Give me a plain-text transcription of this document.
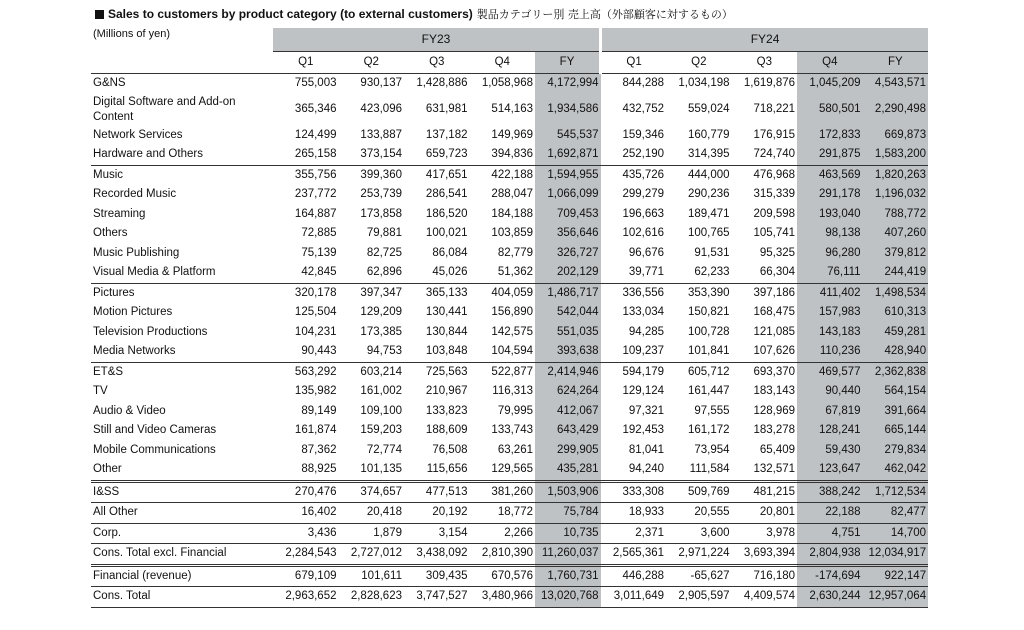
Sales to customers by product category (to external customers) 製品カテゴリー別 売上高（外部顧客に対するもの）
(Millions of yen)	FY23					FY24				
	Q1	Q2	Q3	Q4	FY	Q1	Q2	Q3	Q4	FY
G&NS	755,003	930,137	1,428,886	1,058,968	4,172,994	844,288	1,034,198	1,619,876	1,045,209	4,543,571
Digital Software and Add-on Content	365,346	423,096	631,981	514,163	1,934,586	432,752	559,024	718,221	580,501	2,290,498
Network Services	124,499	133,887	137,182	149,969	545,537	159,346	160,779	176,915	172,833	669,873
Hardware and Others	265,158	373,154	659,723	394,836	1,692,871	252,190	314,395	724,740	291,875	1,583,200
Music	355,756	399,360	417,651	422,188	1,594,955	435,726	444,000	476,968	463,569	1,820,263
Recorded Music	237,772	253,739	286,541	288,047	1,066,099	299,279	290,236	315,339	291,178	1,196,032
Streaming	164,887	173,858	186,520	184,188	709,453	196,663	189,471	209,598	193,040	788,772
Others	72,885	79,881	100,021	103,859	356,646	102,616	100,765	105,741	98,138	407,260
Music Publishing	75,139	82,725	86,084	82,779	326,727	96,676	91,531	95,325	96,280	379,812
Visual Media & Platform	42,845	62,896	45,026	51,362	202,129	39,771	62,233	66,304	76,111	244,419
Pictures	320,178	397,347	365,133	404,059	1,486,717	336,556	353,390	397,186	411,402	1,498,534
Motion Pictures	125,504	129,209	130,441	156,890	542,044	133,034	150,821	168,475	157,983	610,313
Television Productions	104,231	173,385	130,844	142,575	551,035	94,285	100,728	121,085	143,183	459,281
Media Networks	90,443	94,753	103,848	104,594	393,638	109,237	101,841	107,626	110,236	428,940
ET&S	563,292	603,214	725,563	522,877	2,414,946	594,179	605,712	693,370	469,577	2,362,838
TV	135,982	161,002	210,967	116,313	624,264	129,124	161,447	183,143	90,440	564,154
Audio & Video	89,149	109,100	133,823	79,995	412,067	97,321	97,555	128,969	67,819	391,664
Still and Video Cameras	161,874	159,203	188,609	133,743	643,429	192,453	161,172	183,278	128,241	665,144
Mobile Communications	87,362	72,774	76,508	63,261	299,905	81,041	73,954	65,409	59,430	279,834
Other	88,925	101,135	115,656	129,565	435,281	94,240	111,584	132,571	123,647	462,042
I&SS	270,476	374,657	477,513	381,260	1,503,906	333,308	509,769	481,215	388,242	1,712,534
All Other	16,402	20,418	20,192	18,772	75,784	18,933	20,555	20,801	22,188	82,477
Corp.	3,436	1,879	3,154	2,266	10,735	2,371	3,600	3,978	4,751	14,700
Cons. Total excl. Financial	2,284,543	2,727,012	3,438,092	2,810,390	11,260,037	2,565,361	2,971,224	3,693,394	2,804,938	12,034,917
Financial (revenue)	679,109	101,611	309,435	670,576	1,760,731	446,288	-65,627	716,180	-174,694	922,147
Cons. Total	2,963,652	2,828,623	3,747,527	3,480,966	13,020,768	3,011,649	2,905,597	4,409,574	2,630,244	12,957,064
